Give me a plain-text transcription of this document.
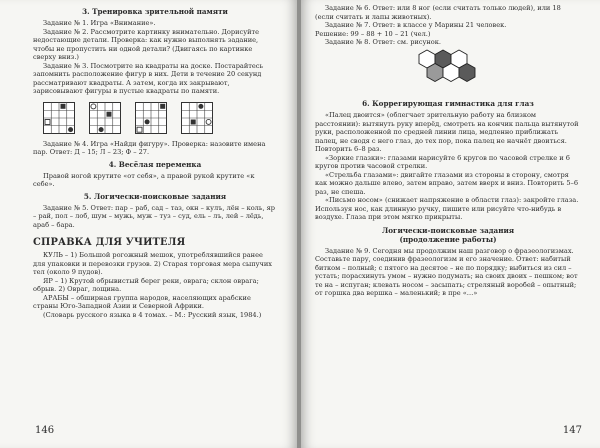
3. Тренировка зрительной памяти

Задание № 1. Игра «Внимание».

Задание № 2. Рассмотрите картинку внимательно. Дорисуйте недостающие детали. Проверка: как нужно выполнять задание, чтобы не пропустить ни одной детали? (Двигаясь по картинке сверху вниз.)

Задание № 3. Посмотрите на квадраты на доске. Постарайтесь запомнить расположение фигур в них. Дети в течение 20 секунд рассматривают квадраты. А затем, когда их закрывают, зарисовывают фигуры в пустые квадраты по памяти.

Задание № 4. Игра «Найди фигуру». Проверка: назовите имена пар. Ответ: Д – 15; Л – 23; Ф – 27.

4. Весёлая переменка

Правой ногой крутите «от себя», а правой рукой крутите «к себе».

5. Логически-поисковые задания

Задание № 5. Ответ: пар – раб, сад – таз, окн – кулъ, лён – коль, яр – рай, пол – лоб, шум – мужь, муж – туз – суд, ель – лъ, лей – лёдь, араб – бара.

СПРАВКА ДЛЯ УЧИТЕЛЯ

КУЛЬ – 1) Большой рогожный мешок, употреблявшийся ранее для упаковки и перевозки грузов. 2) Старая торговая мера сыпучих тел (около 9 пудов).

ЯР – 1) Крутой обрывистый берег реки, оврага; склон оврага; обрыв. 2) Овраг, лощина.

АРАБЫ – обширная группа народов, населяющих арабские страны Юго-Западной Азии и Северной Африки.

(Словарь русского языка в 4 томах. – М.: Русский язык, 1984.)

146

Задание № 6. Ответ: или 8 ног (если считать только людей), или 18 (если считать и лапы животных).

Задание № 7. Ответ: в классе у Марины 21 человек.

Решение: 99 – 88 + 10 – 21 (чел.)

Задание № 8. Ответ: см. рисунок.

6. Коррегирующая гимнастика для глаз

«Палец двоится» (облегчает зрительную работу на близком расстоянии): вытянуть руку вперёд, смотреть на кончик пальца вытянутой руки, расположенной по средней линии лица, медленно приближать палец, не сводя с него глаз, до тех пор, пока палец не начнёт двоиться. Повторить 6–8 раз.

«Зоркие глазки»: глазами нарисуйте 6 кругов по часовой стрелке и 6 кругов против часовой стрелки.

«Стрельба глазами»: двигайте глазами из стороны в сторону, смотря как можно дальше влево, затем вправо, затем вверх и вниз. Повторить 5–6 раз, не спеша.

«Письмо носом» (снижает напряжение в области глаз): закройте глаза. Используя нос, как длинную ручку, пишите или рисуйте что-нибудь в воздухе. Глаза при этом мягко прикрыты.

Логически-поисковые задания
(продолжение работы)

Задание № 9. Сегодня мы продолжим наш разговор о фразеологизмах. Составьте пару, соединив фразеологизм и его значение. Ответ: набитый битком – полный; с пятого на десятое – не по порядку; выбиться из сил – устать; порасхинуть умом – нужно подумать; на своих двоих – пешком; вот те на – испуган; клевать носом – засыпать; стреляный воробей – опытный; от горшка два вершка – маленький; в пре «…»

147
